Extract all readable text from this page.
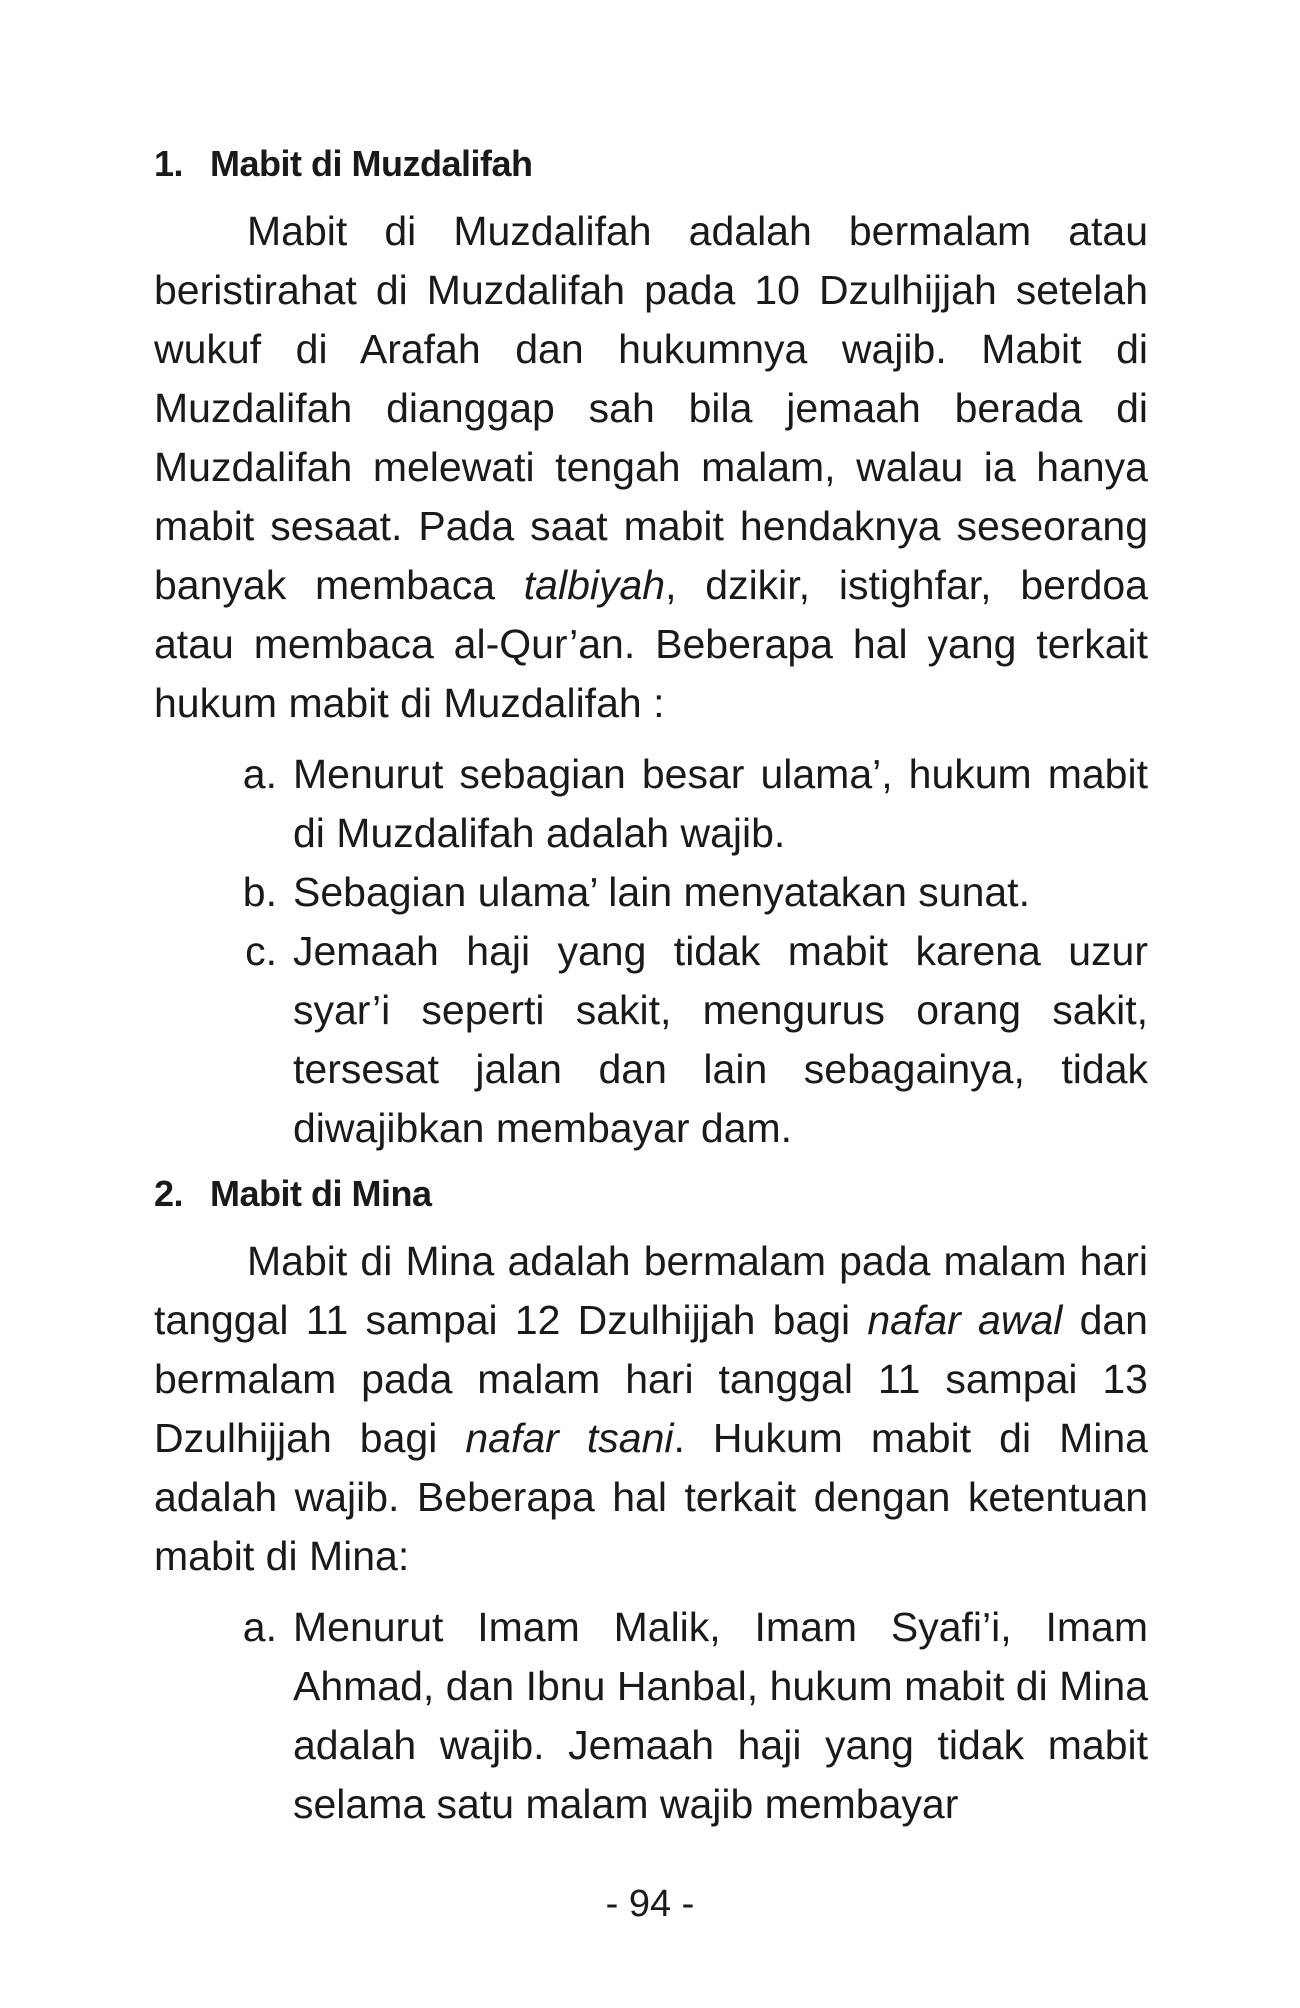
1. Mabit di Muzdalifah

Mabit di Muzdalifah adalah bermalam atau beristirahat di Muzdalifah pada 10 Dzulhijjah setelah wukuf di Arafah dan hukumnya wajib. Mabit di Muzdalifah dianggap sah bila jemaah berada di Muzdalifah melewati tengah malam, walau ia hanya mabit sesaat. Pada saat mabit hendaknya seseorang banyak membaca talbiyah, dzikir, istighfar, berdoa atau membaca al-Qur’an. Beberapa hal yang terkait hukum mabit di Muzdalifah :

a. Menurut sebagian besar ulama’, hukum mabit di Muzdalifah adalah wajib.
b. Sebagian ulama’ lain menyatakan sunat.
c. Jemaah haji yang tidak mabit karena uzur syar’i seperti sakit, mengurus orang sakit, tersesat jalan dan lain sebagainya, tidak diwajibkan membayar dam.
2. Mabit di Mina

Mabit di Mina adalah bermalam pada malam hari tanggal 11 sampai 12 Dzulhijjah bagi nafar awal dan bermalam pada malam hari tanggal 11 sampai 13 Dzulhijjah bagi nafar tsani. Hukum mabit di Mina adalah wajib. Beberapa hal terkait dengan ketentuan mabit di Mina:

a. Menurut Imam Malik, Imam Syafi’i, Imam Ahmad, dan Ibnu Hanbal, hukum mabit di Mina adalah wajib. Jemaah haji yang tidak mabit selama satu malam wajib membayar
- 94 -
